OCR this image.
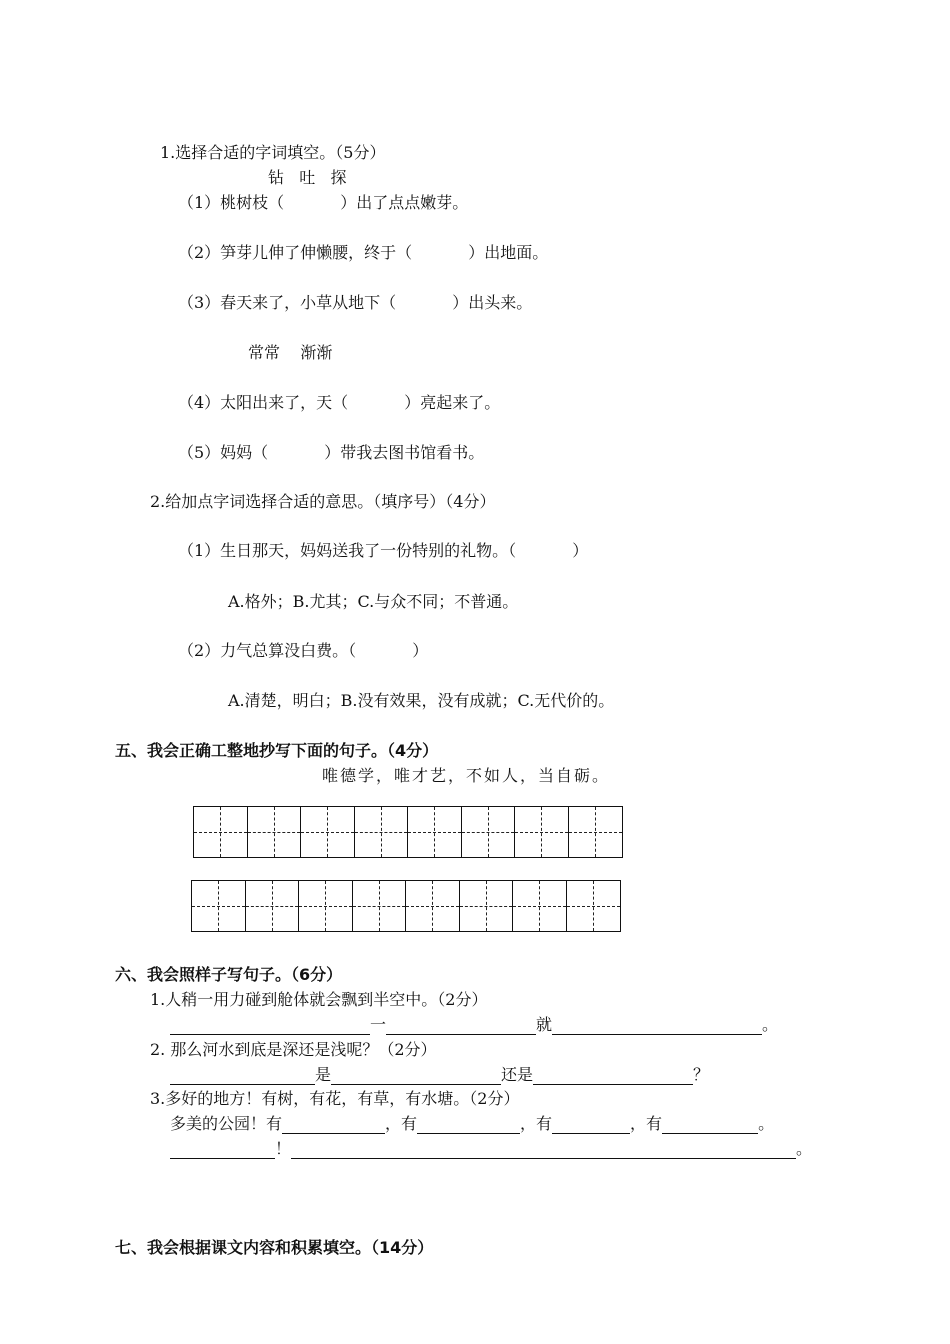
1.选择合适的字词填空。（5分）
钻   吐   探
（1）桃树枝（	）出了点点嫩芽。
（2）笋芽儿伸了伸懒腰，终于（	）出地面。
（3）春天来了，小草从地下（	）出头来。
常常    渐渐
（4）太阳出来了，天（	）亮起来了。
（5）妈妈（	）带我去图书馆看书。
2.给加点字词选择合适的意思。（填序号）（4分）
（1）生日那天，妈妈送我了一份特别的礼物。（	）
A.格外；B.尤其；C.与众不同；不普通。
（2）力气总算没白费。（	）
A.清楚，明白；B.没有效果，没有成就；C.无代价的。
五、我会正确工整地抄写下面的句子。（4分）
唯德学，唯才艺，不如人，当自砺。
六、我会照样子写句子。（6分）
1.人稍一用力碰到舱体就会飘到半空中。（2分）
一	就	。
2. 那么河水到底是深还是浅呢？（2分）
是	还是	？
3.多好的地方！有树，有花，有草，有水塘。（2分）
多美的公园！有	，有	，有	，有	。
！	。
七、我会根据课文内容和积累填空。（14分）
